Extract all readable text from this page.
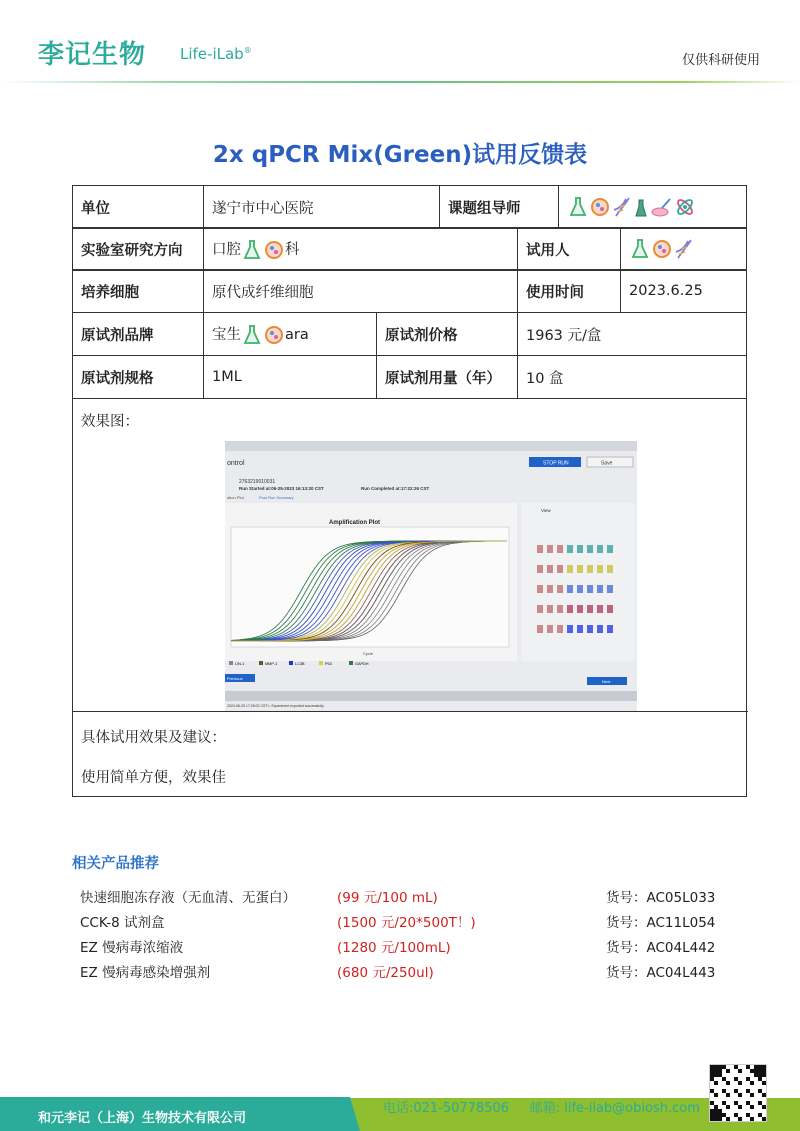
李记生物 Life-iLab®
仅供科研使用
2x qPCR Mix(Green)试用反馈表
单位	遂宁市中心医院	课题组导师	
实验室研究方向	口腔	科	试用人	
培养细胞	原代成纤维细胞	使用时间	2023.6.25
原试剂品牌	宝生	ara	原试剂价格	1963 元/盒
原试剂规格	1ML	原试剂用量（年）	10 盒
效果图：
ontrol	STOP RUN	Save
2763219010031
Run Started at:06-25-2023 16:13:20 CST	Run Completed at:17:22:26 CST
ation Plot	Post Run Summary
Amplification Plot
Cycle
LIN-1	MMP-1	LC3B	P53	GAPDH
View
Previous
Next
2023-06-25 17:28:02 CST>: Experiment exported successfully.
具体试用效果及建议：
使用简单方便，效果佳
相关产品推荐
快速细胞冻存液（无血清、无蛋白）	(99 元/100 mL)	货号：AC05L033
CCK-8 试剂盒	(1500 元/20*500T！)	货号：AC11L054
EZ 慢病毒浓缩液	(1280 元/100mL)	货号：AC04L442
EZ 慢病毒感染增强剂	(680 元/250ul)	货号：AC04L443
和元李记（上海）生物技术有限公司
电话:021-50778506 邮箱: life-ilab@obiosh.com
